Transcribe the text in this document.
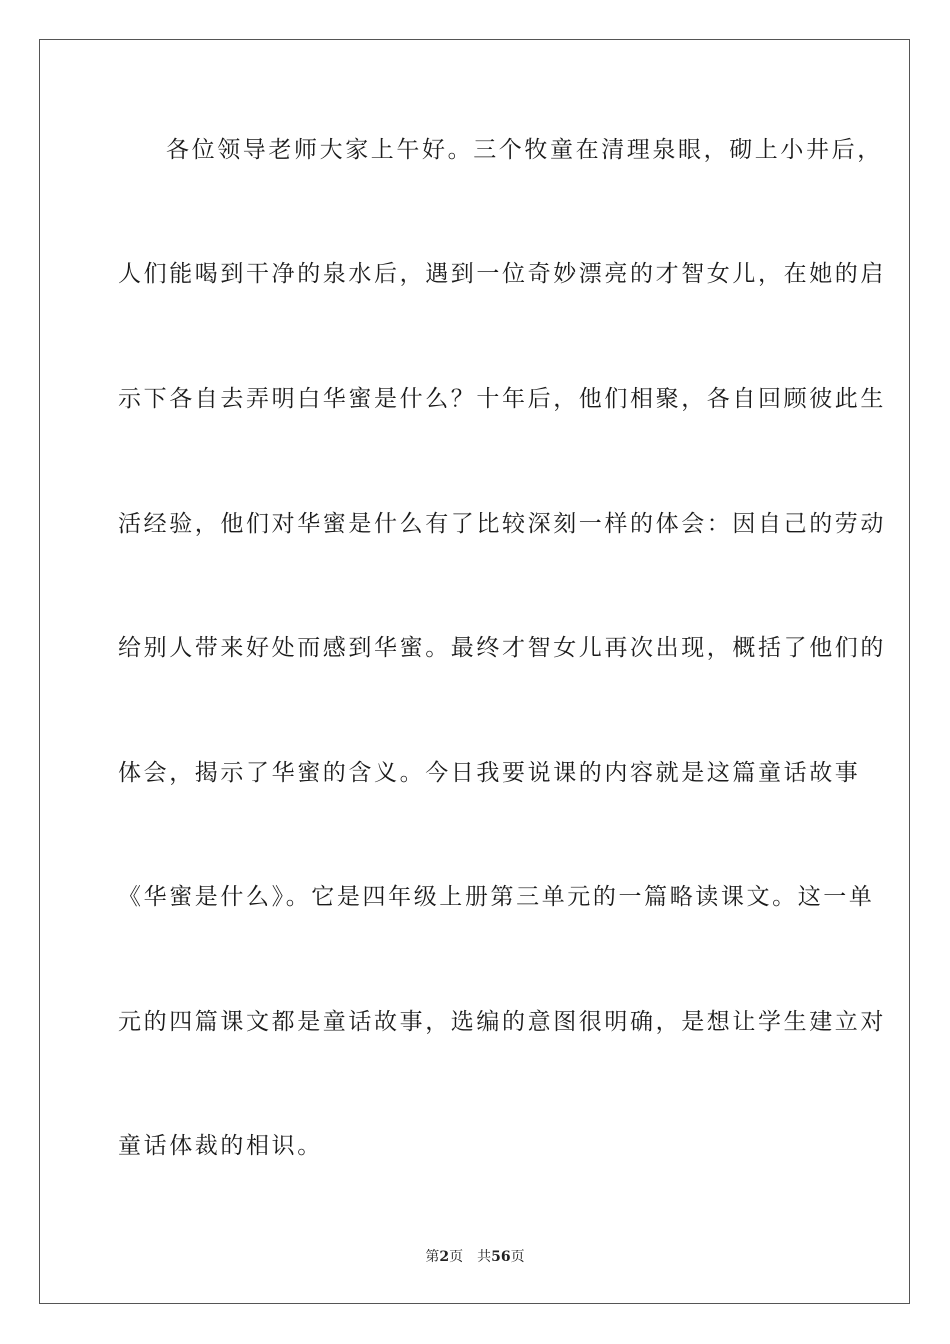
各位领导老师大家上午好。三个牧童在清理泉眼，砌上小井后，
人们能喝到干净的泉水后，遇到一位奇妙漂亮的才智女儿，在她的启
示下各自去弄明白华蜜是什么？十年后，他们相聚，各自回顾彼此生
活经验，他们对华蜜是什么有了比较深刻一样的体会：因自己的劳动
给别人带来好处而感到华蜜。最终才智女儿再次出现，概括了他们的
体会，揭示了华蜜的含义。今日我要说课的内容就是这篇童话故事
《华蜜是什么》。它是四年级上册第三单元的一篇略读课文。这一单
元的四篇课文都是童话故事，选编的意图很明确，是想让学生建立对
童话体裁的相识。
第2页 共56页
